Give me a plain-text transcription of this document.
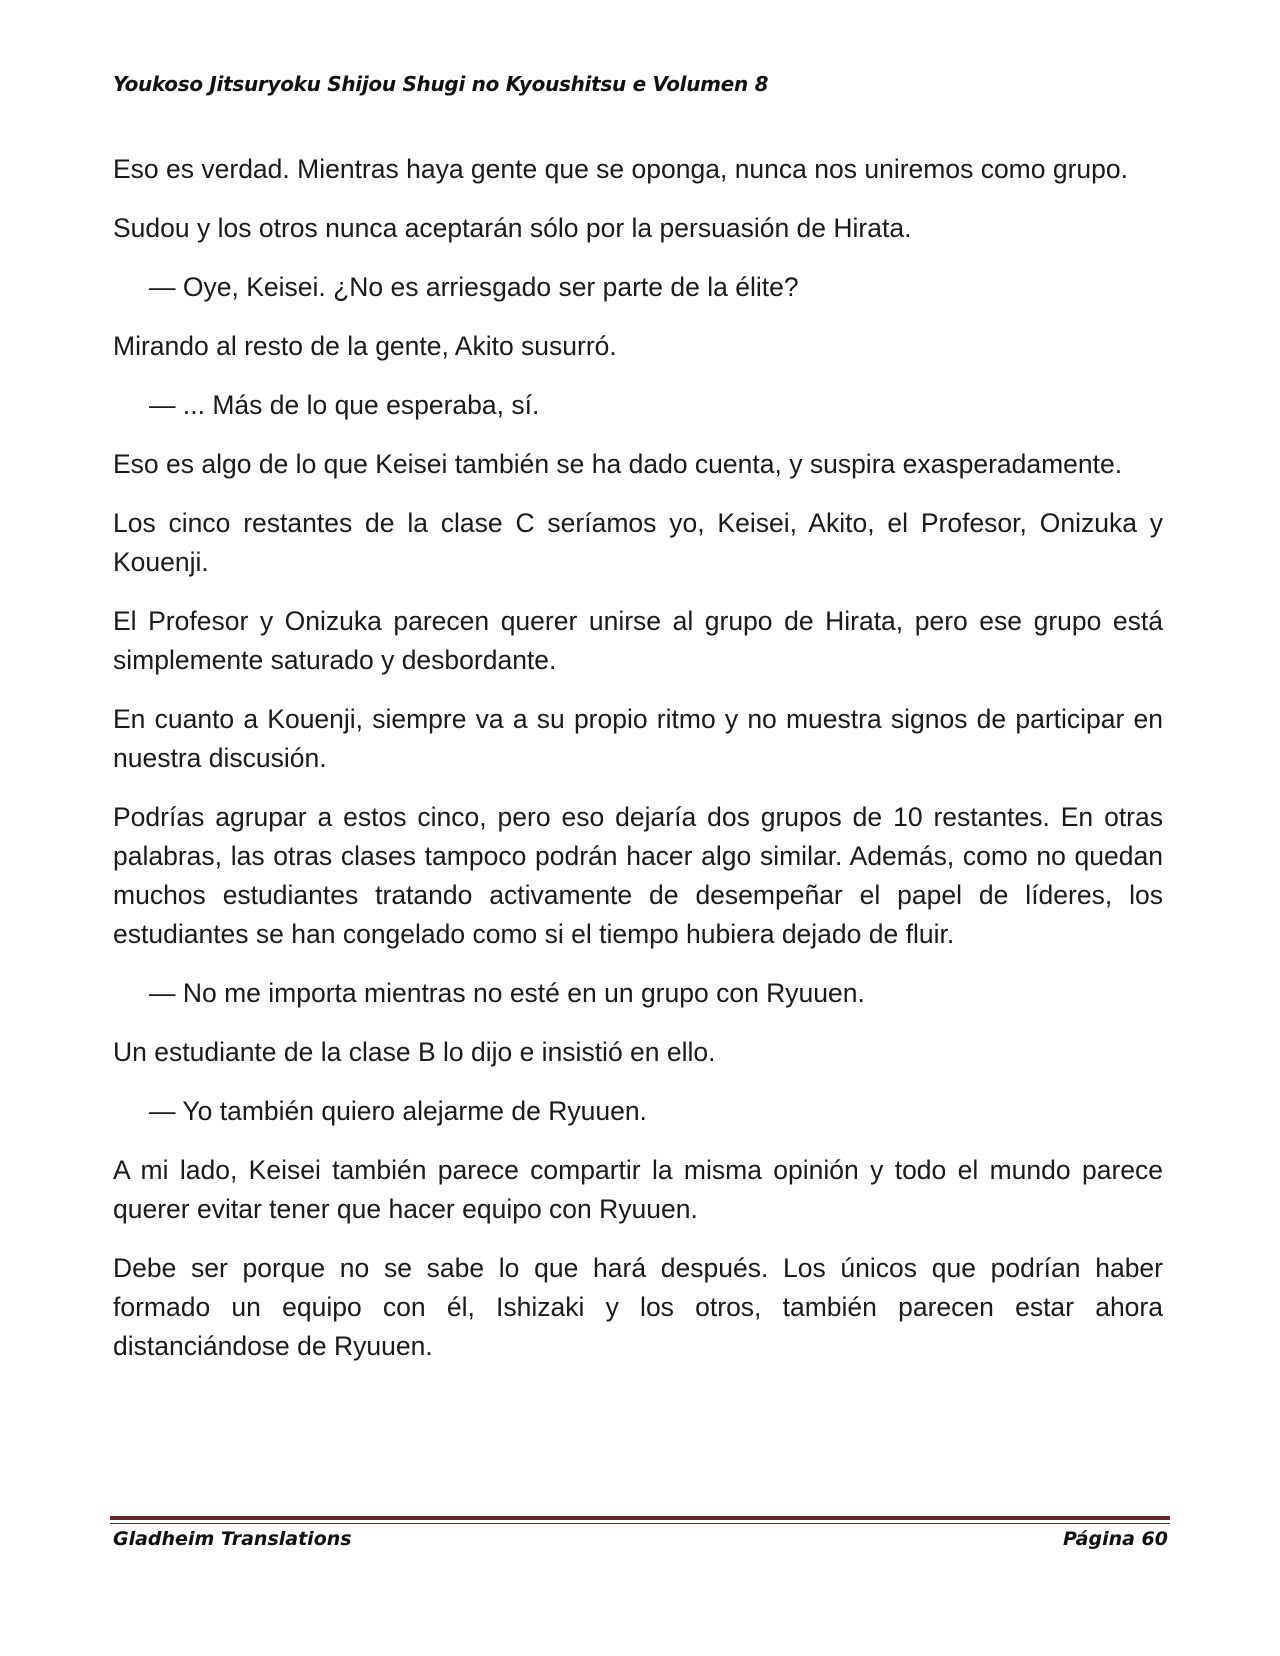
Youkoso Jitsuryoku Shijou Shugi no Kyoushitsu e Volumen 8

Eso es verdad. Mientras haya gente que se oponga, nunca nos uniremos como grupo.

Sudou y los otros nunca aceptarán sólo por la persuasión de Hirata.

— Oye, Keisei. ¿No es arriesgado ser parte de la élite?

Mirando al resto de la gente, Akito susurró.

— ... Más de lo que esperaba, sí.

Eso es algo de lo que Keisei también se ha dado cuenta, y suspira exasperadamente.

Los cinco restantes de la clase C seríamos yo, Keisei, Akito, el Profesor, Onizuka y Kouenji.

El Profesor y Onizuka parecen querer unirse al grupo de Hirata, pero ese grupo está simplemente saturado y desbordante.

En cuanto a Kouenji, siempre va a su propio ritmo y no muestra signos de participar en nuestra discusión.

Podrías agrupar a estos cinco, pero eso dejaría dos grupos de 10 restantes. En otras palabras, las otras clases tampoco podrán hacer algo similar. Además, como no quedan muchos estudiantes tratando activamente de desempeñar el papel de líderes, los estudiantes se han congelado como si el tiempo hubiera dejado de fluir.

— No me importa mientras no esté en un grupo con Ryuuen.

Un estudiante de la clase B lo dijo e insistió en ello.

— Yo también quiero alejarme de Ryuuen.

A mi lado, Keisei también parece compartir la misma opinión y todo el mundo parece querer evitar tener que hacer equipo con Ryuuen.

Debe ser porque no se sabe lo que hará después. Los únicos que podrían haber formado un equipo con él, Ishizaki y los otros, también parecen estar ahora distanciándose de Ryuuen.

Gladheim Translations	Página 60
